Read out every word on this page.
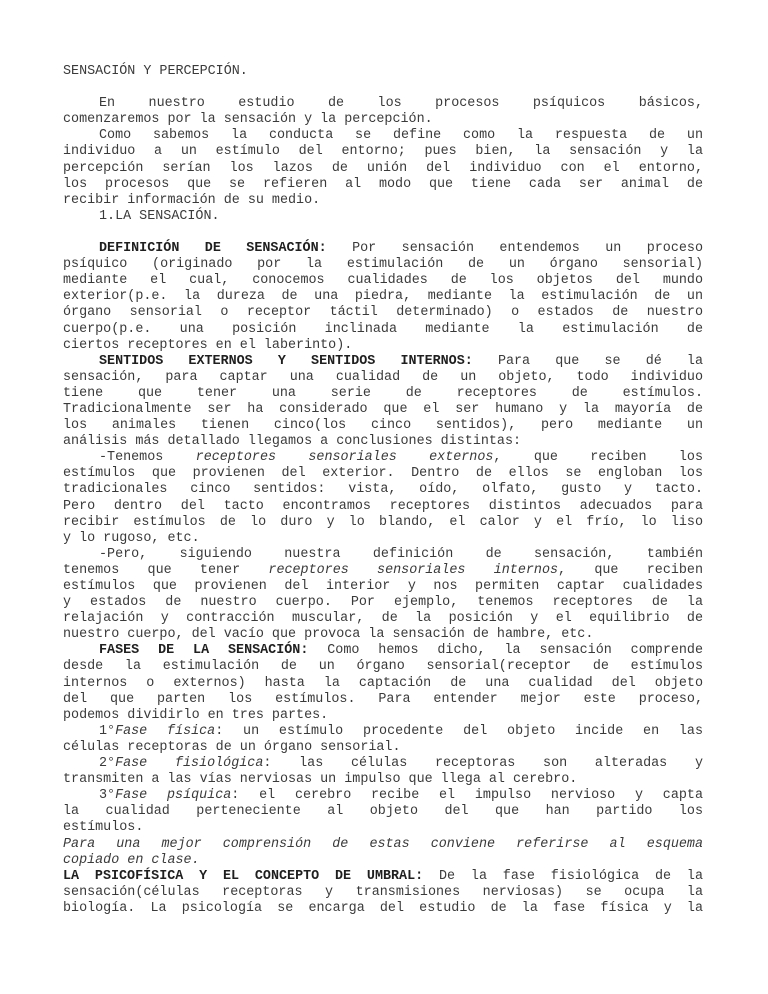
SENSACIÓN Y PERCEPCIÓN.

En nuestro estudio de los procesos psíquicos básicos,
comenzaremos por la sensación y la percepción.
Como sabemos la conducta se define como la respuesta de un
individuo a un estímulo del entorno; pues bien, la sensación y la
percepción serían los lazos de unión del individuo con el entorno,
los procesos que se refieren al modo que tiene cada ser animal de
recibir información de su medio.
1.LA SENSACIÓN.

DEFINICIÓN DE SENSACIÓN: Por sensación entendemos un proceso
psíquico (originado por la estimulación de un órgano sensorial)
mediante el cual, conocemos cualidades de los objetos del mundo
exterior(p.e. la dureza de una piedra, mediante la estimulación de un
órgano sensorial o receptor táctil determinado) o estados de nuestro
cuerpo(p.e. una posición inclinada mediante la estimulación de
ciertos receptores en el laberinto).
SENTIDOS EXTERNOS Y SENTIDOS INTERNOS: Para que se dé la
sensación, para captar una cualidad de un objeto, todo individuo
tiene que tener una serie de receptores de estímulos.
Tradicionalmente ser ha considerado que el ser humano y la mayoría de
los animales tienen cinco(los cinco sentidos), pero mediante un
análisis más detallado llegamos a conclusiones distintas:
-Tenemos receptores sensoriales externos, que reciben los
estímulos que provienen del exterior. Dentro de ellos se engloban los
tradicionales cinco sentidos: vista, oído, olfato, gusto y tacto.
Pero dentro del tacto encontramos receptores distintos adecuados para
recibir estímulos de lo duro y lo blando, el calor y el frío, lo liso
y lo rugoso, etc.
-Pero, siguiendo nuestra definición de sensación, también
tenemos que tener receptores sensoriales internos, que reciben
estímulos que provienen del interior y nos permiten captar cualidades
y estados de nuestro cuerpo. Por ejemplo, tenemos receptores de la
relajación y contracción muscular, de la posición y el equilibrio de
nuestro cuerpo, del vacío que provoca la sensación de hambre, etc.
FASES DE LA SENSACIÓN: Como hemos dicho, la sensación comprende
desde la estimulación de un órgano sensorial(receptor de estímulos
internos o externos) hasta la captación de una cualidad del objeto
del que parten los estímulos. Para entender mejor este proceso,
podemos dividirlo en tres partes.
1°Fase física: un estímulo procedente del objeto incide en las
células receptoras de un órgano sensorial.
2°Fase fisiológica: las células receptoras son alteradas y
transmiten a las vías nerviosas un impulso que llega al cerebro.
3°Fase psíquica: el cerebro recibe el impulso nervioso y capta
la cualidad perteneciente al objeto del que han partido los
estímulos.
Para una mejor comprensión de estas conviene referirse al esquema
copiado en clase.
LA PSICOFÍSICA Y EL CONCEPTO DE UMBRAL: De la fase fisiológica de la
sensación(células receptoras y transmisiones nerviosas) se ocupa la
biología. La psicología se encarga del estudio de la fase física y la
